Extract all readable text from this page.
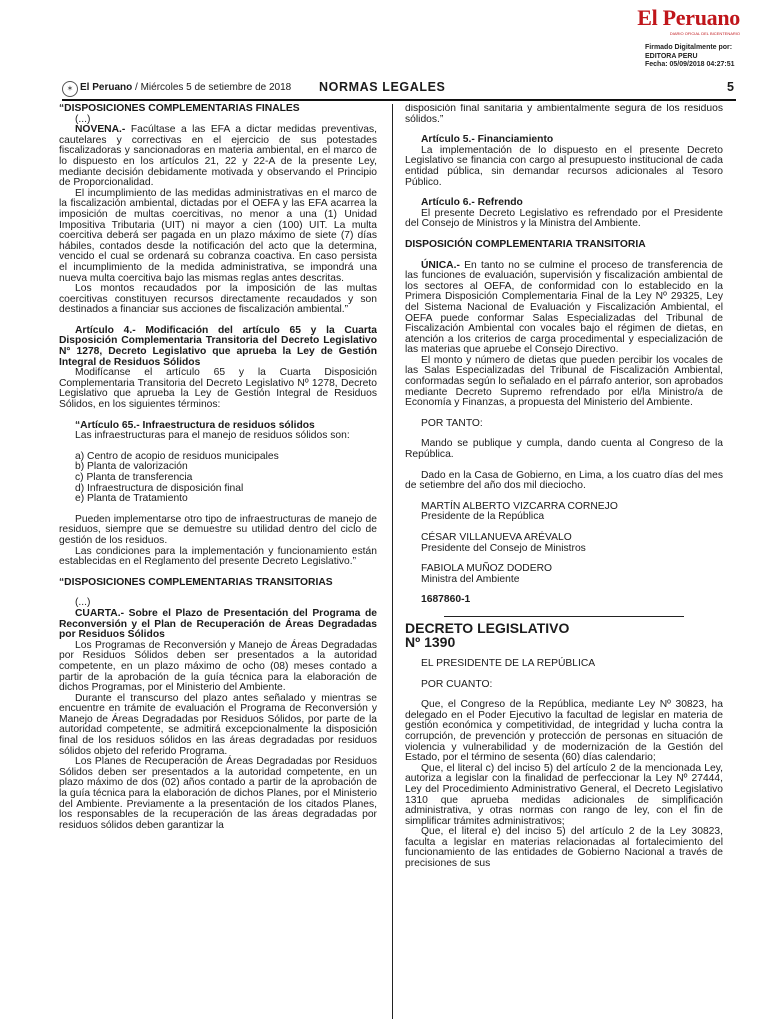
El Peruano
DIARIO OFICIAL DEL BICENTENARIO
Firmado Digitalmente por:
EDITORA PERU
Fecha: 05/09/2018 04:27:51
✶ El Peruano / Miércoles 5 de setiembre de 2018 NORMAS LEGALES	5

“DISPOSICIONES COMPLEMENTARIAS FINALES

(...)

NOVENA.- Facúltase a las EFA a dictar medidas preventivas, cautelares y correctivas en el ejercicio de sus potestades fiscalizadoras y sancionadoras en materia ambiental, en el marco de lo dispuesto en los artículos 21, 22 y 22-A de la presente Ley, mediante decisión debidamente motivada y observando el Principio de Proporcionalidad.

El incumplimiento de las medidas administrativas en el marco de la fiscalización ambiental, dictadas por el OEFA y las EFA acarrea la imposición de multas coercitivas, no menor a una (1) Unidad Impositiva Tributaria (UIT) ni mayor a cien (100) UIT. La multa coercitiva deberá ser pagada en un plazo máximo de siete (7) días hábiles, contados desde la notificación del acto que la determina, vencido el cual se ordenará su cobranza coactiva. En caso persista el incumplimiento de la medida administrativa, se impondrá una nueva multa coercitiva bajo las mismas reglas antes descritas.

Los montos recaudados por la imposición de las multas coercitivas constituyen recursos directamente recaudados y son destinados a financiar sus acciones de fiscalización ambiental.”

Artículo 4.- Modificación del artículo 65 y la Cuarta Disposición Complementaria Transitoria del Decreto Legislativo N° 1278, Decreto Legislativo que aprueba la Ley de Gestión Integral de Residuos Sólidos

Modifícanse el artículo 65 y la Cuarta Disposición Complementaria Transitoria del Decreto Legislativo Nº 1278, Decreto Legislativo que aprueba la Ley de Gestión Integral de Residuos Sólidos, en los siguientes términos:

“Artículo 65.- Infraestructura de residuos sólidos

Las infraestructuras para el manejo de residuos sólidos son:

a) Centro de acopio de residuos municipales

b) Planta de valorización

c) Planta de transferencia

d) Infraestructura de disposición final

e) Planta de Tratamiento

Pueden implementarse otro tipo de infraestructuras de manejo de residuos, siempre que se demuestre su utilidad dentro del ciclo de gestión de los residuos.

Las condiciones para la implementación y funcionamiento están establecidas en el Reglamento del presente Decreto Legislativo.”

“DISPOSICIONES COMPLEMENTARIAS TRANSITORIAS

(...)

CUARTA.- Sobre el Plazo de Presentación del Programa de Reconversión y el Plan de Recuperación de Áreas Degradadas por Residuos Sólidos

Los Programas de Reconversión y Manejo de Áreas Degradadas por Residuos Sólidos deben ser presentados a la autoridad competente, en un plazo máximo de ocho (08) meses contado a partir de la aprobación de la guía técnica para la elaboración de dichos Programas, por el Ministerio del Ambiente.

Durante el transcurso del plazo antes señalado y mientras se encuentre en trámite de evaluación el Programa de Reconversión y Manejo de Áreas Degradadas por Residuos Sólidos, por parte de la autoridad competente, se admitirá excepcionalmente la disposición final de los residuos sólidos en las áreas degradadas por residuos sólidos objeto del referido Programa.

Los Planes de Recuperación de Áreas Degradadas por Residuos Sólidos deben ser presentados a la autoridad competente, en un plazo máximo de dos (02) años contado a partir de la aprobación de la guía técnica para la elaboración de dichos Planes, por el Ministerio del Ambiente. Previamente a la presentación de los citados Planes, los responsables de la recuperación de las áreas degradadas por residuos sólidos deben garantizar la

disposición final sanitaria y ambientalmente segura de los residuos sólidos.”

Artículo 5.- Financiamiento

La implementación de lo dispuesto en el presente Decreto Legislativo se financia con cargo al presupuesto institucional de cada entidad pública, sin demandar recursos adicionales al Tesoro Público.

Artículo 6.- Refrendo

El presente Decreto Legislativo es refrendado por el Presidente del Consejo de Ministros y la Ministra del Ambiente.

DISPOSICIÓN COMPLEMENTARIA TRANSITORIA

ÚNICA.- En tanto no se culmine el proceso de transferencia de las funciones de evaluación, supervisión y fiscalización ambiental de los sectores al OEFA, de conformidad con lo establecido en la Primera Disposición Complementaria Final de la Ley Nº 29325, Ley del Sistema Nacional de Evaluación y Fiscalización Ambiental, el OEFA puede conformar Salas Especializadas del Tribunal de Fiscalización Ambiental con vocales bajo el régimen de dietas, en atención a los criterios de carga procedimental y especialización de las materias que apruebe el Consejo Directivo.

El monto y número de dietas que pueden percibir los vocales de las Salas Especializadas del Tribunal de Fiscalización Ambiental, conformadas según lo señalado en el párrafo anterior, son aprobados mediante Decreto Supremo refrendado por el/la Ministro/a de Economía y Finanzas, a propuesta del Ministerio del Ambiente.

POR TANTO:

Mando se publique y cumpla, dando cuenta al Congreso de la República.

Dado en la Casa de Gobierno, en Lima, a los cuatro días del mes de setiembre del año dos mil dieciocho.

MARTÍN ALBERTO VIZCARRA CORNEJO

Presidente de la República

CÉSAR VILLANUEVA ARÉVALO

Presidente del Consejo de Ministros

FABIOLA MUÑOZ DODERO

Ministra del Ambiente

1687860-1

DECRETO LEGISLATIVO

Nº 1390

EL PRESIDENTE DE LA REPÚBLICA

POR CUANTO:

Que, el Congreso de la República, mediante Ley Nº 30823, ha delegado en el Poder Ejecutivo la facultad de legislar en materia de gestión económica y competitividad, de integridad y lucha contra la corrupción, de prevención y protección de personas en situación de violencia y vulnerabilidad y de modernización de la Gestión del Estado, por el término de sesenta (60) días calendario;

Que, el literal c) del inciso 5) del artículo 2 de la mencionada Ley, autoriza a legislar con la finalidad de perfeccionar la Ley Nº 27444, Ley del Procedimiento Administrativo General, el Decreto Legislativo 1310 que aprueba medidas adicionales de simplificación administrativa, y otras normas con rango de ley, con el fin de simplificar trámites administrativos;

Que, el literal e) del inciso 5) del artículo 2 de la Ley 30823, faculta a legislar en materias relacionadas al fortalecimiento del funcionamiento de las entidades de Gobierno Nacional a través de precisiones de sus
